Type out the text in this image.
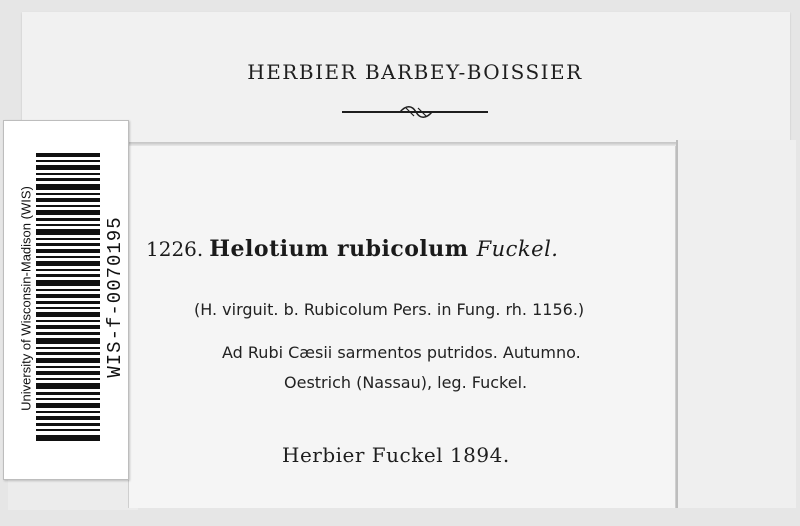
HERBIER BARBEY-BOISSIER
1226. Helotium rubicolum Fuckel.
(H. virguit. b. Rubicolum Pers. in Fung. rh. 1156.)
Ad Rubi Cæsii sarmentos putridos. Autumno.
Oestrich (Nassau), leg. Fuckel.
Herbier Fuckel 1894.
University of Wisconsin-Madison (WIS)	WIS-f-0070195
